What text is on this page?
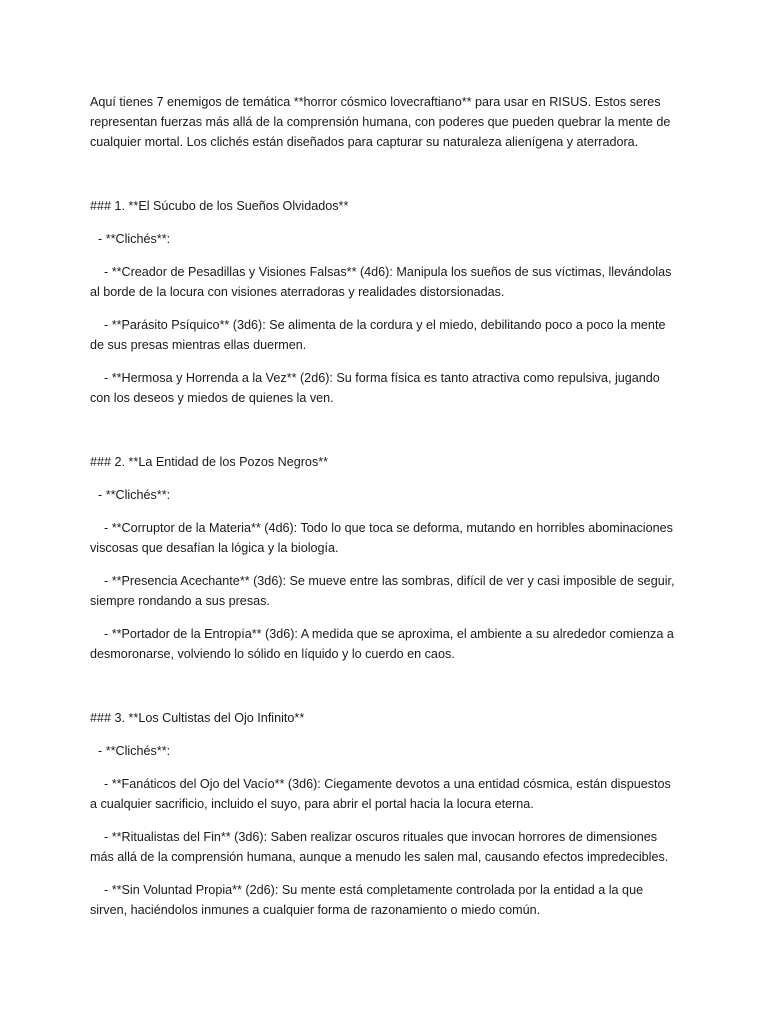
Aquí tienes 7 enemigos de temática **horror cósmico lovecraftiano** para usar en RISUS. Estos seres representan fuerzas más allá de la comprensión humana, con poderes que pueden quebrar la mente de cualquier mortal. Los clichés están diseñados para capturar su naturaleza alienígena y aterradora.

### 1. **El Súcubo de los Sueños Olvidados**

- **Clichés**:

- **Creador de Pesadillas y Visiones Falsas** (4d6): Manipula los sueños de sus víctimas, llevándolas al borde de la locura con visiones aterradoras y realidades distorsionadas.

- **Parásito Psíquico** (3d6): Se alimenta de la cordura y el miedo, debilitando poco a poco la mente de sus presas mientras ellas duermen.

- **Hermosa y Horrenda a la Vez** (2d6): Su forma física es tanto atractiva como repulsiva, jugando con los deseos y miedos de quienes la ven.

### 2. **La Entidad de los Pozos Negros**

- **Clichés**:

- **Corruptor de la Materia** (4d6): Todo lo que toca se deforma, mutando en horribles abominaciones viscosas que desafían la lógica y la biología.

- **Presencia Acechante** (3d6): Se mueve entre las sombras, difícil de ver y casi imposible de seguir, siempre rondando a sus presas.

- **Portador de la Entropía** (3d6): A medida que se aproxima, el ambiente a su alrededor comienza a desmoronarse, volviendo lo sólido en líquido y lo cuerdo en caos.

### 3. **Los Cultistas del Ojo Infinito**

- **Clichés**:

- **Fanáticos del Ojo del Vacío** (3d6): Ciegamente devotos a una entidad cósmica, están dispuestos a cualquier sacrificio, incluido el suyo, para abrir el portal hacia la locura eterna.

- **Ritualistas del Fin** (3d6): Saben realizar oscuros rituales que invocan horrores de dimensiones más allá de la comprensión humana, aunque a menudo les salen mal, causando efectos impredecibles.

- **Sin Voluntad Propia** (2d6): Su mente está completamente controlada por la entidad a la que sirven, haciéndolos inmunes a cualquier forma de razonamiento o miedo común.
